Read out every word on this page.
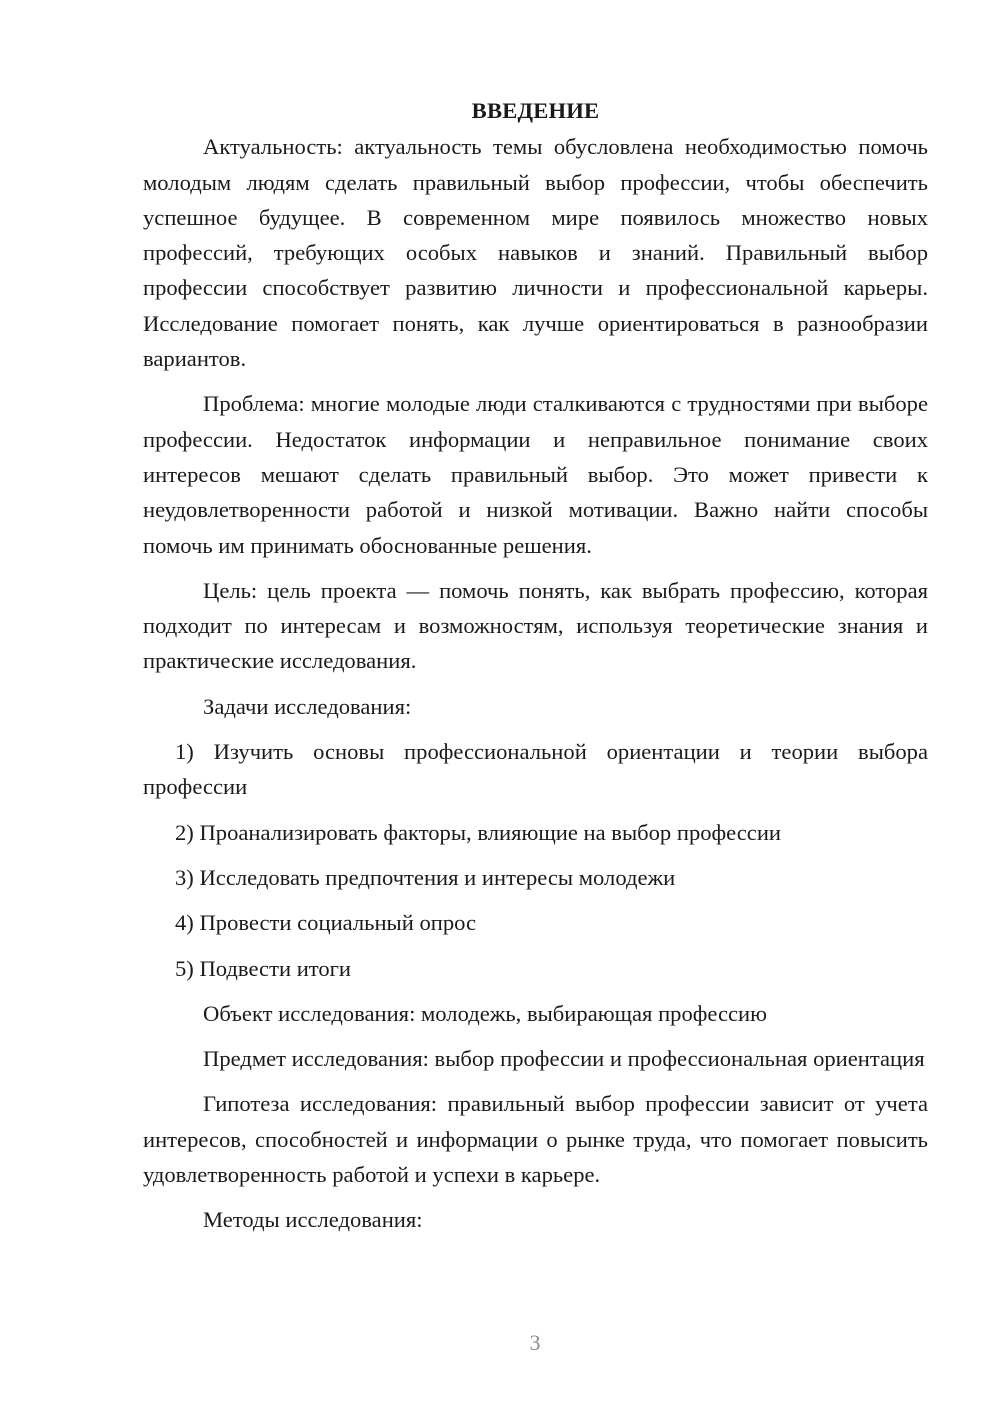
ВВЕДЕНИЕ

Актуальность: актуальность темы обусловлена необходимостью помочь молодым людям сделать правильный выбор профессии, чтобы обеспечить успешное будущее. В современном мире появилось множество новых профессий, требующих особых навыков и знаний. Правильный выбор профессии способствует развитию личности и профессиональной карьеры. Исследование помогает понять, как лучше ориентироваться в разнообразии вариантов.

Проблема: многие молодые люди сталкиваются с трудностями при выборе профессии. Недостаток информации и неправильное понимание своих интересов мешают сделать правильный выбор. Это может привести к неудовлетворенности работой и низкой мотивации. Важно найти способы помочь им принимать обоснованные решения.

Цель: цель проекта — помочь понять, как выбрать профессию, которая подходит по интересам и возможностям, используя теоретические знания и практические исследования.

Задачи исследования:

1) Изучить основы профессиональной ориентации и теории выбора профессии

2) Проанализировать факторы, влияющие на выбор профессии

3) Исследовать предпочтения и интересы молодежи

4) Провести социальный опрос

5) Подвести итоги

Объект исследования: молодежь, выбирающая профессию

Предмет исследования: выбор профессии и профессиональная ориентация

Гипотеза исследования: правильный выбор профессии зависит от учета интересов, способностей и информации о рынке труда, что помогает повысить удовлетворенность работой и успехи в карьере.

Методы исследования:

3
